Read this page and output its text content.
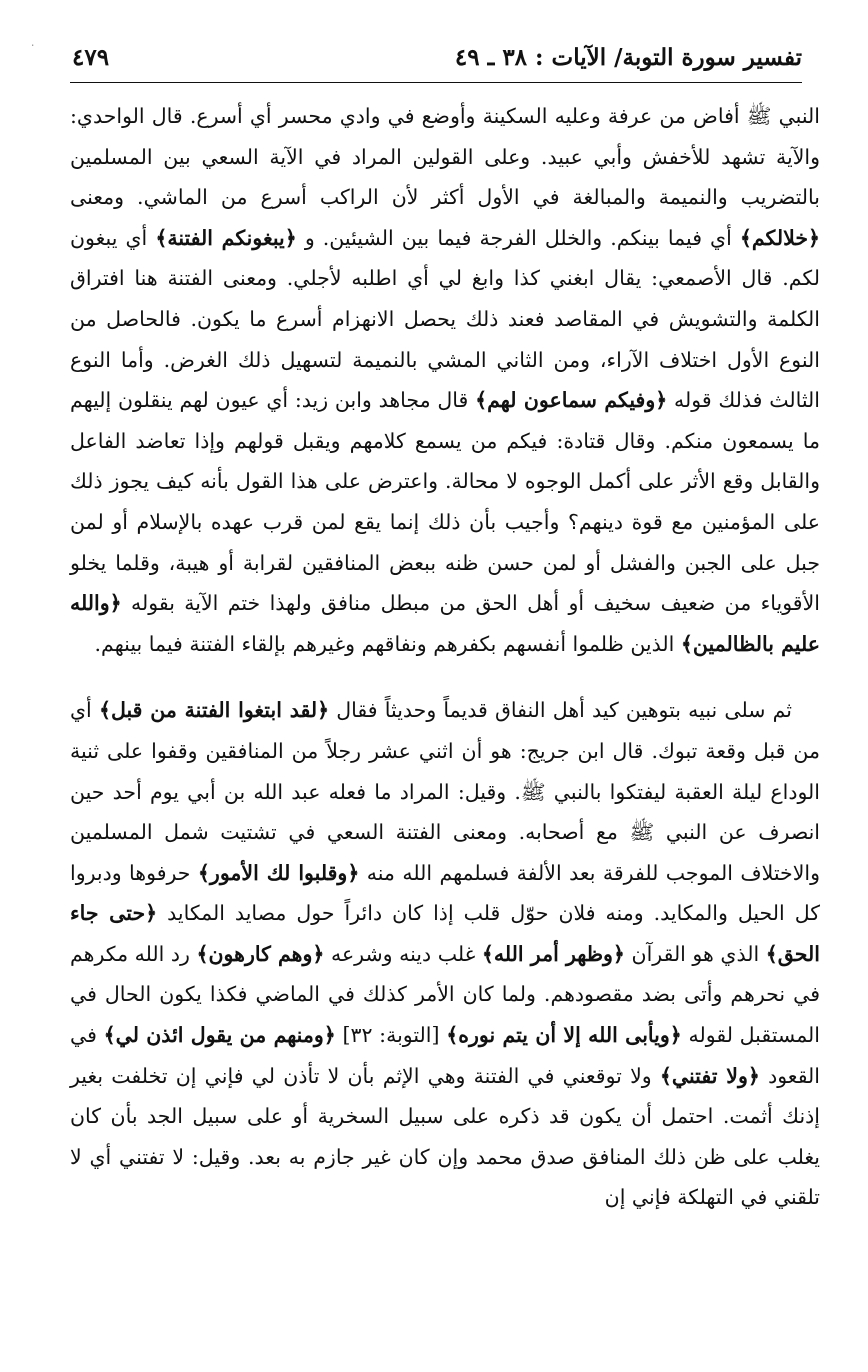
٠ ٤٧٩	تفسير سورة التوبة/ الآيات : ٣٨ ـ ٤٩

النبي ﷺ أفاض من عرفة وعليه السكينة وأوضع في وادي محسر أي أسرع. قال الواحدي: والآية تشهد للأخفش وأبي عبيد. وعلى القولين المراد في الآية السعي بين المسلمين بالتضريب والنميمة والمبالغة في الأول أكثر لأن الراكب أسرع من الماشي. ومعنى ﴿خلالكم﴾ أي فيما بينكم. والخلل الفرجة فيما بين الشيئين. و ﴿يبغونكم الفتنة﴾ أي يبغون لكم. قال الأصمعي: يقال ابغني كذا وابغ لي أي اطلبه لأجلي. ومعنى الفتنة هنا افتراق الكلمة والتشويش في المقاصد فعند ذلك يحصل الانهزام أسرع ما يكون. فالحاصل من النوع الأول اختلاف الآراء، ومن الثاني المشي بالنميمة لتسهيل ذلك الغرض. وأما النوع الثالث فذلك قوله ﴿وفيكم سماعون لهم﴾ قال مجاهد وابن زيد: أي عيون لهم ينقلون إليهم ما يسمعون منكم. وقال قتادة: فيكم من يسمع كلامهم ويقبل قولهم وإذا تعاضد الفاعل والقابل وقع الأثر على أكمل الوجوه لا محالة. واعترض على هذا القول بأنه كيف يجوز ذلك على المؤمنين مع قوة دينهم؟ وأجيب بأن ذلك إنما يقع لمن قرب عهده بالإسلام أو لمن جبل على الجبن والفشل أو لمن حسن ظنه ببعض المنافقين لقرابة أو هيبة، وقلما يخلو الأقوياء من ضعيف سخيف أو أهل الحق من مبطل منافق ولهذا ختم الآية بقوله ﴿والله عليم بالظالمين﴾ الذين ظلموا أنفسهم بكفرهم ونفاقهم وغيرهم بإلقاء الفتنة فيما بينهم.

ثم سلى نبيه بتوهين كيد أهل النفاق قديماً وحديثاً فقال ﴿لقد ابتغوا الفتنة من قبل﴾ أي من قبل وقعة تبوك. قال ابن جريج: هو أن اثني عشر رجلاً من المنافقين وقفوا على ثنية الوداع ليلة العقبة ليفتكوا بالنبي ﷺ. وقيل: المراد ما فعله عبد الله بن أبي يوم أحد حين انصرف عن النبي ﷺ مع أصحابه. ومعنى الفتنة السعي في تشتيت شمل المسلمين والاختلاف الموجب للفرقة بعد الألفة فسلمهم الله منه ﴿وقلبوا لك الأمور﴾ حرفوها ودبروا كل الحيل والمكايد. ومنه فلان حوّل قلب إذا كان دائراً حول مصايد المكايد ﴿حتى جاء الحق﴾ الذي هو القرآن ﴿وظهر أمر الله﴾ غلب دينه وشرعه ﴿وهم كارهون﴾ رد الله مكرهم في نحرهم وأتى بضد مقصودهم. ولما كان الأمر كذلك في الماضي فكذا يكون الحال في المستقبل لقوله ﴿ويأبى الله إلا أن يتم نوره﴾ [التوبة: ٣٢] ﴿ومنهم من يقول ائذن لي﴾ في القعود ﴿ولا تفتني﴾ ولا توقعني في الفتنة وهي الإثم بأن لا تأذن لي فإني إن تخلفت بغير إذنك أثمت. احتمل أن يكون قد ذكره على سبيل السخرية أو على سبيل الجد بأن كان يغلب على ظن ذلك المنافق صدق محمد وإن كان غير جازم به بعد. وقيل: لا تفتني أي لا تلقني في التهلكة فإني إن
